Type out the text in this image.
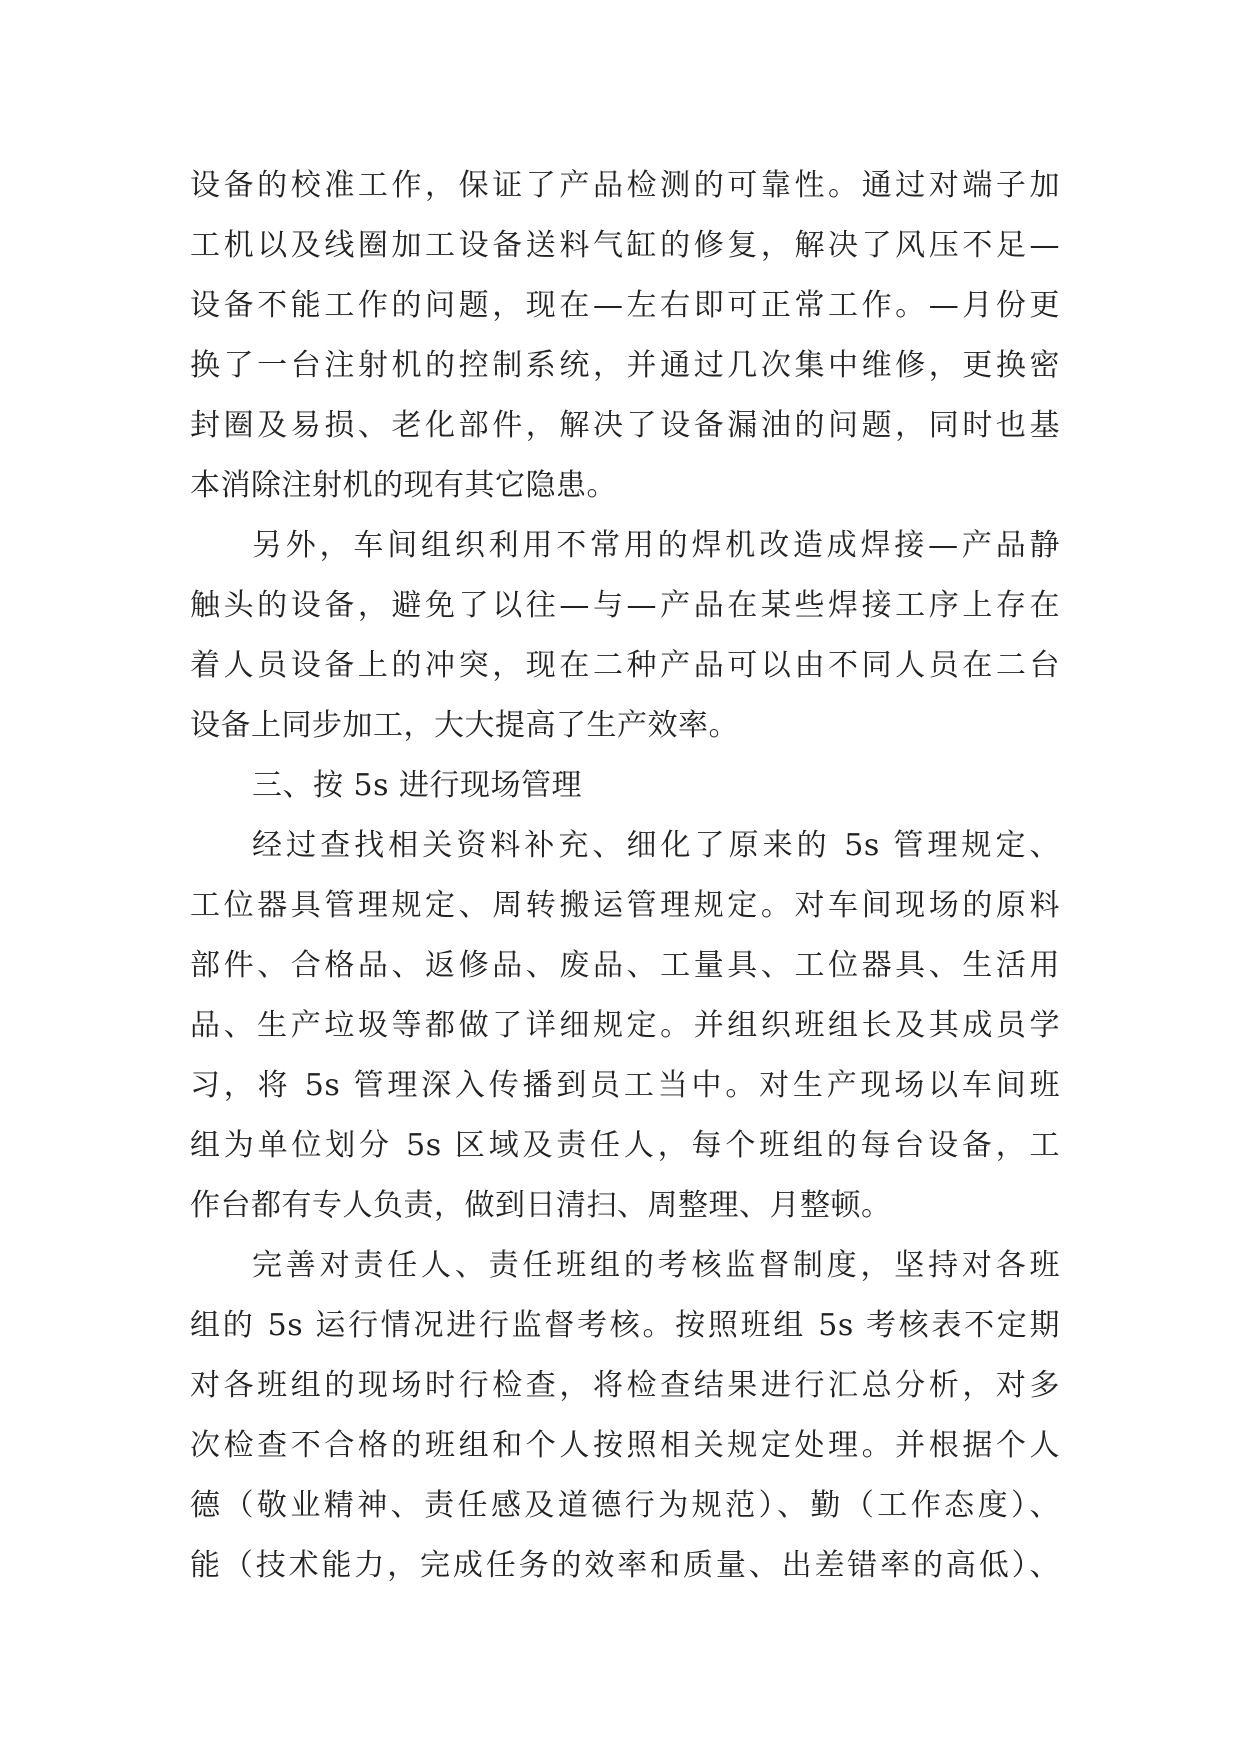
设备的校准工作，保证了产品检测的可靠性。通过对端子加
工机以及线圈加工设备送料气缸的修复，解决了风压不足—
设备不能工作的问题，现在—左右即可正常工作。—月份更
换了一台注射机的控制系统，并通过几次集中维修，更换密
封圈及易损、老化部件，解决了设备漏油的问题，同时也基
本消除注射机的现有其它隐患。
另外，车间组织利用不常用的焊机改造成焊接—产品静
触头的设备，避免了以往—与—产品在某些焊接工序上存在
着人员设备上的冲突，现在二种产品可以由不同人员在二台
设备上同步加工，大大提高了生产效率。
三、按 5s 进行现场管理
经过查找相关资料补充、细化了原来的 5s 管理规定、
工位器具管理规定、周转搬运管理规定。对车间现场的原料
部件、合格品、返修品、废品、工量具、工位器具、生活用
品、生产垃圾等都做了详细规定。并组织班组长及其成员学
习，将 5s 管理深入传播到员工当中。对生产现场以车间班
组为单位划分 5s 区域及责任人，每个班组的每台设备，工
作台都有专人负责，做到日清扫、周整理、月整顿。
完善对责任人、责任班组的考核监督制度，坚持对各班
组的 5s 运行情况进行监督考核。按照班组 5s 考核表不定期
对各班组的现场时行检查，将检查结果进行汇总分析，对多
次检查不合格的班组和个人按照相关规定处理。并根据个人
德（敬业精神、责任感及道德行为规范）、勤（工作态度）、
能（技术能力，完成任务的效率和质量、出差错率的高低）、
